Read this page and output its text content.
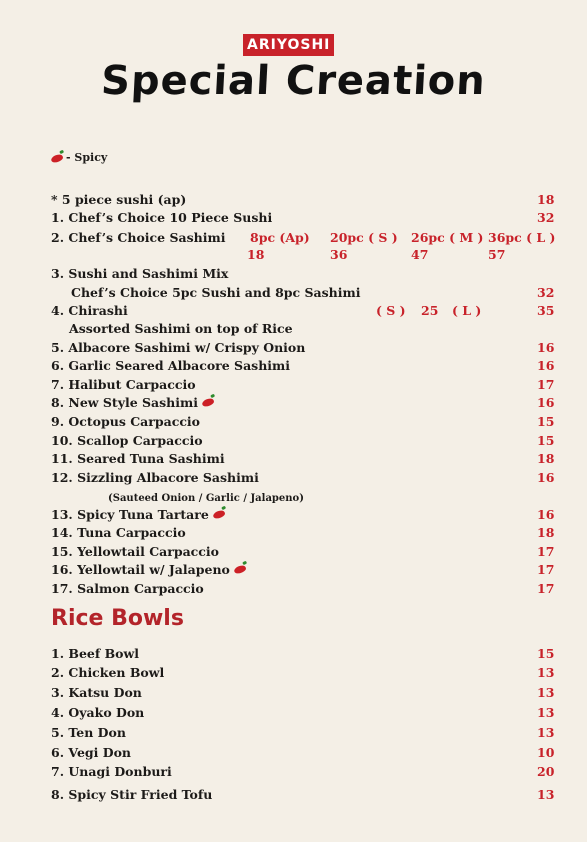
ARIYOSHI
Special Creation
- Spicy
* 5 piece sushi (ap)	18
1. Chef’s Choice 10 Piece Sushi	32
2. Chef’s Choice Sashimi 8pc (Ap) 20pc ( S ) 26pc ( M ) 36pc ( L )
18	36	47	57
3. Sushi and Sashimi Mix
Chef’s Choice 5pc Sushi and 8pc Sashimi	32
4. Chirashi	( S ) 25 ( L )	35
Assorted Sashimi on top of Rice
5. Albacore Sashimi w/ Crispy Onion	16
6. Garlic Seared Albacore Sashimi	16
7. Halibut Carpaccio	17
8. New Style Sashimi	16
9. Octopus Carpaccio	15
10. Scallop Carpaccio	15
11. Seared Tuna Sashimi	18
12. Sizzling Albacore Sashimi	16
(Sauteed Onion / Garlic / Jalapeno)
13. Spicy Tuna Tartare	16
14. Tuna Carpaccio	18
15. Yellowtail Carpaccio	17
16. Yellowtail w/ Jalapeno	17
17. Salmon Carpaccio	17
Rice Bowls
1. Beef Bowl	15
2. Chicken Bowl	13
3. Katsu Don	13
4. Oyako Don	13
5. Ten Don	13
6. Vegi Don	10
7. Unagi Donburi	20
8. Spicy Stir Fried Tofu	13
